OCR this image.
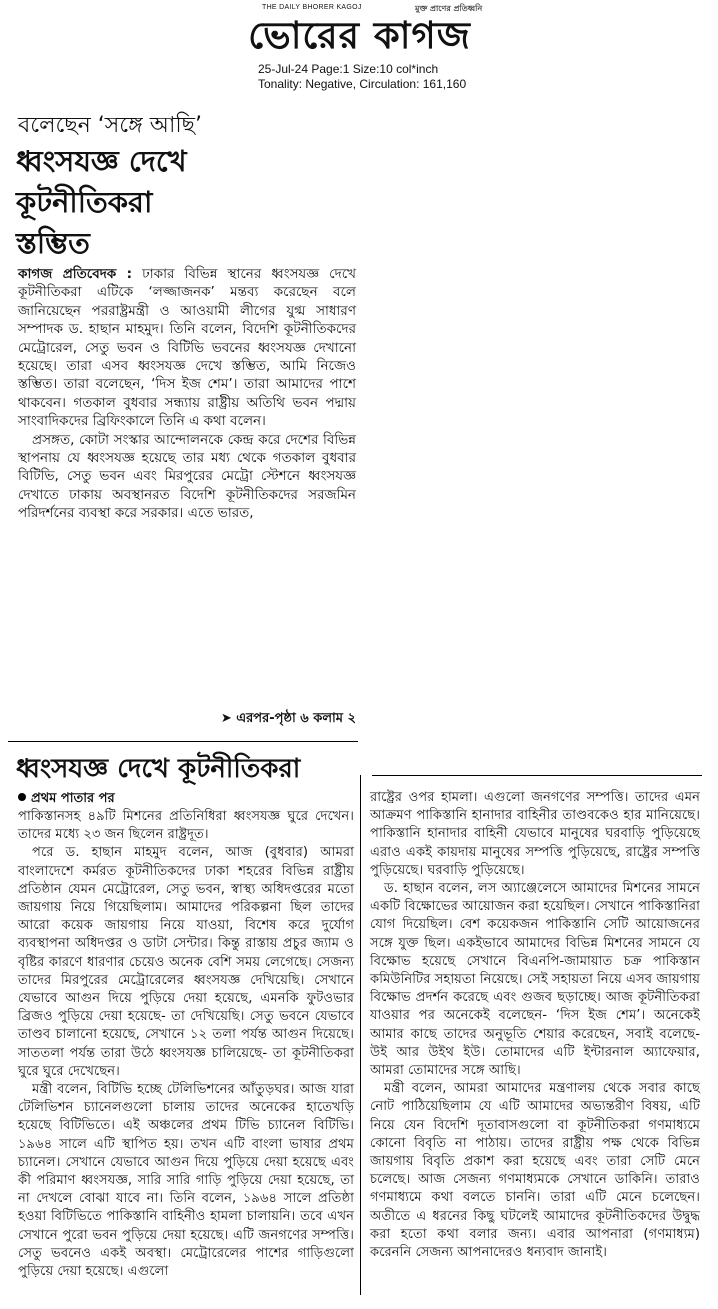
THE DAILY BHORER KAGOJ	মুক্ত প্রাণের প্রতিধ্বনি
ভোরের কাগজ
25-Jul-24 Page:1 Size:10 col*inch
Tonality: Negative, Circulation: 161,160
বলেছেন ‘সঙ্গে আছি’
ধ্বংসযজ্ঞ দেখে
কূটনীতিকরা
স্তম্ভিত

কাগজ প্রতিবেদক : ঢাকার বিভিন্ন স্থানের ধ্বংসযজ্ঞ দেখে কূটনীতিকরা এটিকে ‘লজ্জাজনক’ মন্তব্য করেছেন বলে জানিয়েছেন পররাষ্ট্রমন্ত্রী ও আওয়ামী লীগের যুগ্ম সাধারণ সম্পাদক ড. হাছান মাহমুদ। তিনি বলেন, বিদেশি কূটনীতিকদের মেট্রোরেল, সেতু ভবন ও বিটিভি ভবনের ধ্বংসযজ্ঞ দেখানো হয়েছে। তারা এসব ধ্বংসযজ্ঞ দেখে স্তম্ভিত, আমি নিজেও স্তম্ভিত। তারা বলেছেন, ‘দিস ইজ শেম’। তারা আমাদের পাশে থাকবেন। গতকাল বুধবার সন্ধ্যায় রাষ্ট্রীয় অতিথি ভবন পদ্মায় সাংবাদিকদের ব্রিফিংকালে তিনি এ কথা বলেন।

প্রসঙ্গত, কোটা সংস্কার আন্দোলনকে কেন্দ্র করে দেশের বিভিন্ন স্থাপনায় যে ধ্বংসযজ্ঞ হয়েছে তার মধ্য থেকে গতকাল বুধবার বিটিভি, সেতু ভবন এবং মিরপুরের মেট্রো স্টেশনে ধ্বংসযজ্ঞ দেখাতে ঢাকায় অবস্থানরত বিদেশি কূটনীতিকদের সরজমিন পরিদর্শনের ব্যবস্থা করে সরকার। এতে ভারত,

➤ এরপর-পৃষ্ঠা ৬ কলাম ২
ধ্বংসযজ্ঞ দেখে কূটনীতিকরা
প্রথম পাতার পর

পাকিস্তানসহ ৪৯টি মিশনের প্রতিনিধিরা ধ্বংসযজ্ঞ ঘুরে দেখেন। তাদের মধ্যে ২৩ জন ছিলেন রাষ্ট্রদূত।

পরে ড. হাছান মাহমুদ বলেন, আজ (বুধবার) আমরা বাংলাদেশে কর্মরত কূটনীতিকদের ঢাকা শহরের বিভিন্ন রাষ্ট্রীয় প্রতিষ্ঠান যেমন মেট্রোরেল, সেতু ভবন, স্বাস্থ্য অধিদপ্তরের মতো জায়গায় নিয়ে গিয়েছিলাম। আমাদের পরিকল্পনা ছিল তাদের আরো কয়েক জায়গায় নিয়ে যাওয়া, বিশেষ করে দুর্যোগ ব্যবস্থাপনা অধিদপ্তর ও ডাটা সেন্টার। কিন্তু রাস্তায় প্রচুর জ্যাম ও বৃষ্টির কারণে ধারণার চেয়েও অনেক বেশি সময় লেগেছে। সেজন্য তাদের মিরপুরের মেট্রোরেলের ধ্বংসযজ্ঞ দেখিয়েছি। সেখানে যেভাবে আগুন দিয়ে পুড়িয়ে দেয়া হয়েছে, এমনকি ফুটওভার ব্রিজও পুড়িয়ে দেয়া হয়েছে- তা দেখিয়েছি। সেতু ভবনে যেভাবে তাণ্ডব চালানো হয়েছে, সেখানে ১২ তলা পর্যন্ত আগুন দিয়েছে। সাততলা পর্যন্ত তারা উঠে ধ্বংসযজ্ঞ চালিয়েছে- তা কূটনীতিকরা ঘুরে ঘুরে দেখেছেন।

মন্ত্রী বলেন, বিটিভি হচ্ছে টেলিভিশনের আঁতুড়ঘর। আজ যারা টেলিভিশন চ্যানেলগুলো চালায় তাদের অনেকের হাতেখড়ি হয়েছে বিটিভিতে। এই অঞ্চলের প্রথম টিভি চ্যানেল বিটিভি। ১৯৬৪ সালে এটি স্থাপিত হয়। তখন এটি বাংলা ভাষার প্রথম চ্যানেল। সেখানে যেভাবে আগুন দিয়ে পুড়িয়ে দেয়া হয়েছে এবং কী পরিমাণ ধ্বংসযজ্ঞ, সারি সারি গাড়ি পুড়িয়ে দেয়া হয়েছে, তা না দেখলে বোঝা যাবে না। তিনি বলেন, ১৯৬৪ সালে প্রতিষ্ঠা হওয়া বিটিভিতে পাকিস্তানি বাহিনীও হামলা চালায়নি। তবে এখন সেখানে পুরো ভবন পুড়িয়ে দেয়া হয়েছে। এটি জনগণের সম্পত্তি। সেতু ভবনেও একই অবস্থা। মেট্রোরেলের পাশের গাড়িগুলো পুড়িয়ে দেয়া হয়েছে। এগুলো

রাষ্ট্রের ওপর হামলা। এগুলো জনগণের সম্পত্তি। তাদের এমন আক্রমণ পাকিস্তানি হানাদার বাহিনীর তাণ্ডবকেও হার মানিয়েছে। পাকিস্তানি হানাদার বাহিনী যেভাবে মানুষের ঘরবাড়ি পুড়িয়েছে এরাও একই কায়দায় মানুষের সম্পত্তি পুড়িয়েছে, রাষ্ট্রের সম্পত্তি পুড়িয়েছে। ঘরবাড়ি পুড়িয়েছে।

ড. হাছান বলেন, লস অ্যাঞ্জেলেসে আমাদের মিশনের সামনে একটি বিক্ষোভের আয়োজন করা হয়েছিল। সেখানে পাকিস্তানিরা যোগ দিয়েছিল। বেশ কয়েকজন পাকিস্তানি সেটি আয়োজনের সঙ্গে যুক্ত ছিল। একইভাবে আমাদের বিভিন্ন মিশনের সামনে যে বিক্ষোভ হয়েছে সেখানে বিএনপি-জামায়াত চক্র পাকিস্তান কমিউনিটির সহায়তা নিয়েছে। সেই সহায়তা নিয়ে এসব জায়গায় বিক্ষোভ প্রদর্শন করেছে এবং গুজব ছড়াচ্ছে। আজ কূটনীতিকরা যাওয়ার পর অনেকেই বলেছেন- ‘দিস ইজ শেম’। অনেকেই আমার কাছে তাদের অনুভূতি শেয়ার করেছেন, সবাই বলেছে- উই আর উইথ ইউ। তোমাদের এটি ইন্টারনাল অ্যাফেয়ার, আমরা তোমাদের সঙ্গে আছি।

মন্ত্রী বলেন, আমরা আমাদের মন্ত্রণালয় থেকে সবার কাছে নোট পাঠিয়েছিলাম যে এটি আমাদের অভ্যন্তরীণ বিষয়, এটি নিয়ে যেন বিদেশি দূতাবাসগুলো বা কূটনীতিকরা গণমাধ্যমে কোনো বিবৃতি না পাঠায়। তাদের রাষ্ট্রীয় পক্ষ থেকে বিভিন্ন জায়গায় বিবৃতি প্রকাশ করা হয়েছে এবং তারা সেটি মেনে চলেছে। আজ সেজন্য গণমাধ্যমকে সেখানে ডাকিনি। তারাও গণমাধ্যমে কথা বলতে চাননি। তারা এটি মেনে চলেছেন। অতীতে এ ধরনের কিছু ঘটলেই আমাদের কূটনীতিকদের উদ্বুদ্ধ করা হতো কথা বলার জন্য। এবার আপনারা (গণমাধ্যম) করেননি সেজন্য আপনাদেরও ধন্যবাদ জানাই।
